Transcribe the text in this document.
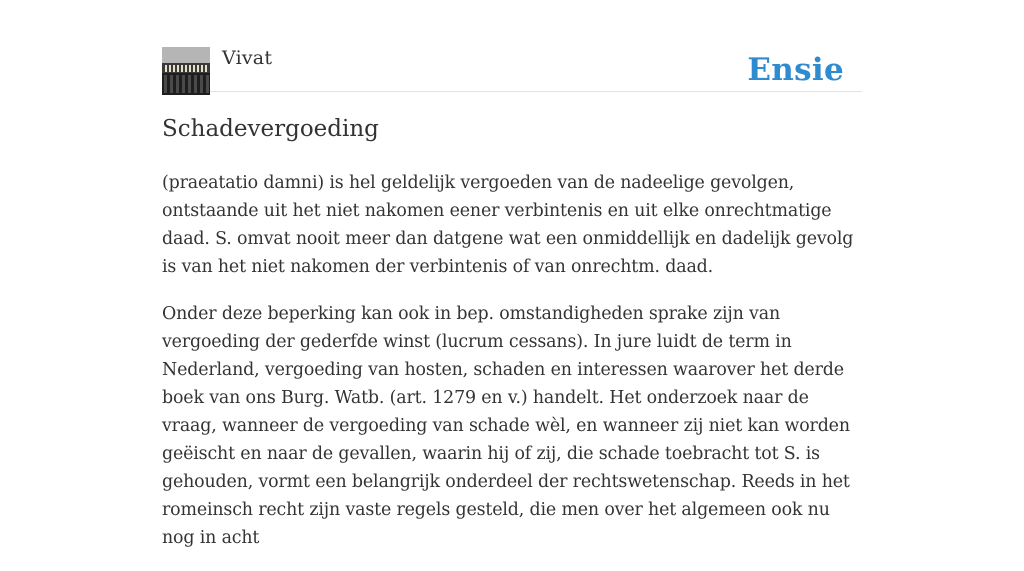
Vivat	Ensie
Schadevergoeding

(praeatatio damni) is hel geldelijk vergoeden van de nadeelige gevolgen, ontstaande uit het niet nakomen eener verbintenis en uit elke onrechtmatige daad. S. omvat nooit meer dan datgene wat een onmiddellijk en dadelijk gevolg is van het niet nakomen der verbintenis of van onrechtm. daad.

Onder deze beperking kan ook in bep. omstandigheden sprake zijn van vergoeding der gederfde winst (lucrum cessans). In jure luidt de term in Nederland, vergoeding van hosten, schaden en interessen waarover het derde boek van ons Burg. Watb. (art. 1279 en v.) handelt. Het onderzoek naar de vraag, wanneer de vergoeding van schade wèl, en wanneer zij niet kan worden geëischt en naar de gevallen, waarin hij of zij, die schade toebracht tot S. is gehouden, vormt een belangrijk onderdeel der rechtswetenschap. Reeds in het romeinsch recht zijn vaste regels gesteld, die men over het algemeen ook nu nog in acht
